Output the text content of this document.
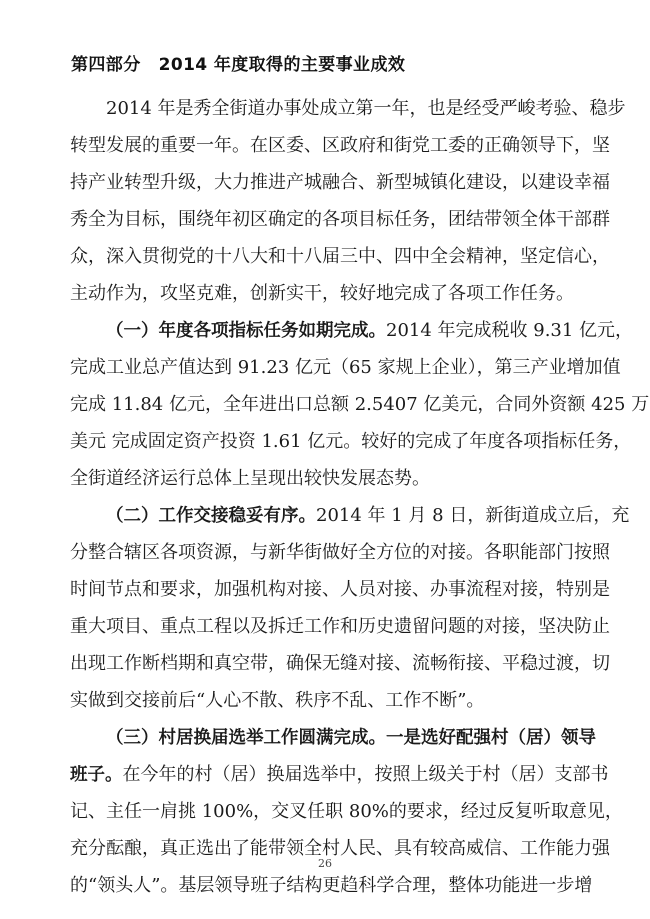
第四部分 2014 年度取得的主要事业成效
2014 年是秀全街道办事处成立第一年，也是经受严峻考验、稳步
转型发展的重要一年。在区委、区政府和街党工委的正确领导下，坚
持产业转型升级，大力推进产城融合、新型城镇化建设，以建设幸福
秀全为目标，围绕年初区确定的各项目标任务，团结带领全体干部群
众，深入贯彻党的十八大和十八届三中、四中全会精神，坚定信心，
主动作为，攻坚克难，创新实干，较好地完成了各项工作任务。
（一）年度各项指标任务如期完成。2014 年完成税收 9.31 亿元，
完成工业总产值达到 91.23 亿元（65 家规上企业），第三产业增加值
完成 11.84 亿元，全年进出口总额 2.5407 亿美元，合同外资额 425 万
美元 完成固定资产投资 1.61 亿元。较好的完成了年度各项指标任务，
全街道经济运行总体上呈现出较快发展态势。
（二）工作交接稳妥有序。2014 年 1 月 8 日，新街道成立后，充
分整合辖区各项资源，与新华街做好全方位的对接。各职能部门按照
时间节点和要求，加强机构对接、人员对接、办事流程对接，特别是
重大项目、重点工程以及拆迁工作和历史遗留问题的对接，坚决防止
出现工作断档期和真空带，确保无缝对接、流畅衔接、平稳过渡，切
实做到交接前后“人心不散、秩序不乱、工作不断”。
（三）村居换届选举工作圆满完成。一是选好配强村（居）领导
班子。在今年的村（居）换届选举中，按照上级关于村（居）支部书
记、主任一肩挑 100%，交叉任职 80%的要求，经过反复听取意见，
充分酝酿，真正选出了能带领全村人民、具有较高威信、工作能力强
的“领头人”。基层领导班子结构更趋科学合理，整体功能进一步增
26
